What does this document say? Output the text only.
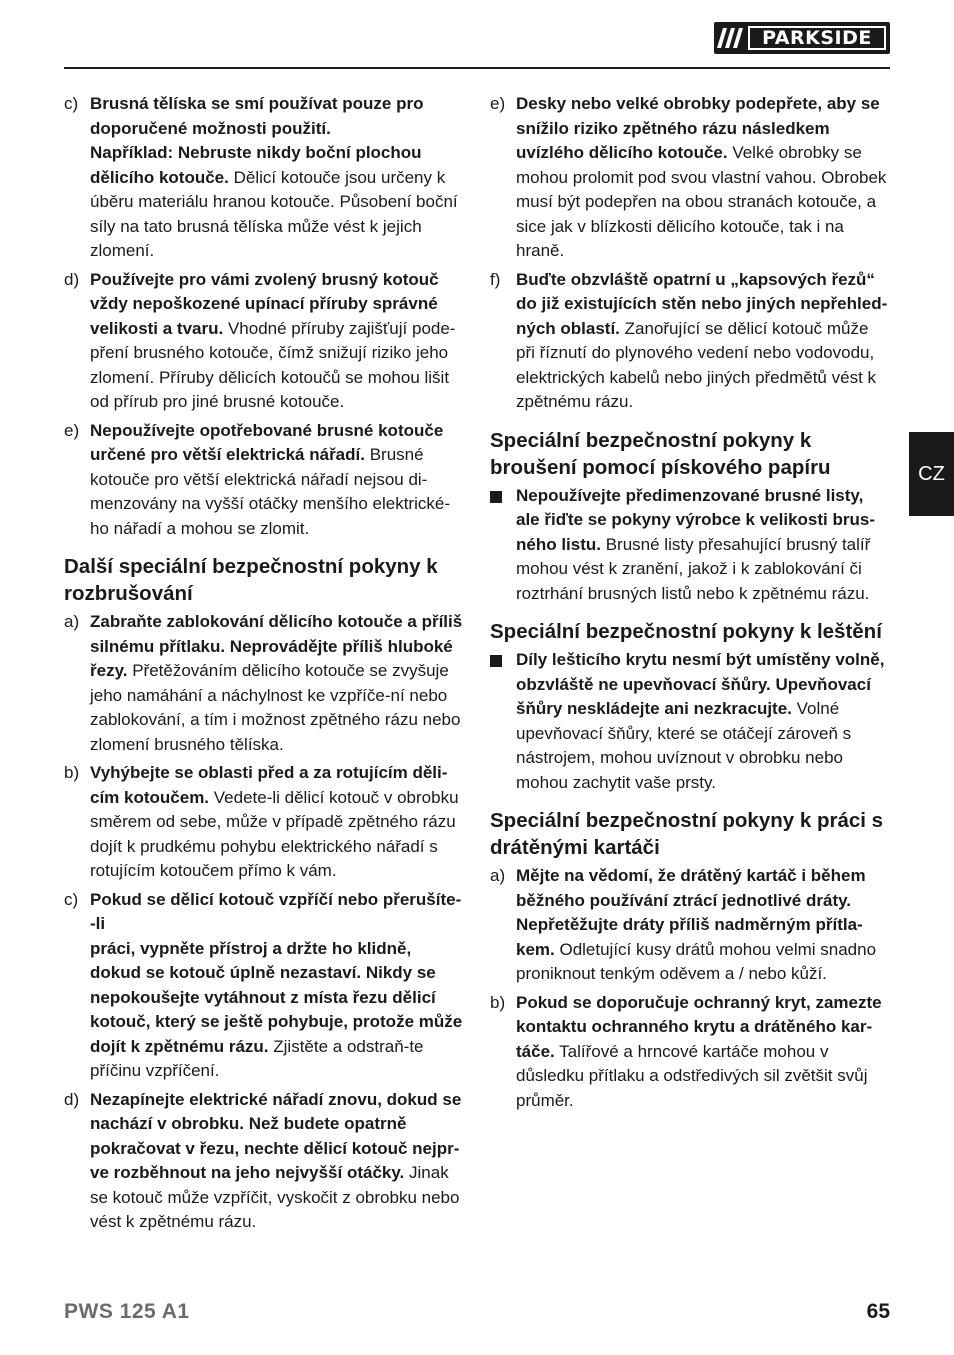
PARKSIDE
CZ
c) Brusná tělíska se smí používat pouze pro doporučené možnosti použití.
Například: Nebruste nikdy boční plochou dělicího kotouče. Dělicí kotouče jsou určeny k úběru materiálu hranou kotouče. Působení boční síly na tato brusná tělíska může vést k jejich zlomení.
d) Používejte pro vámi zvolený brusný kotouč vždy nepoškozené upínací příruby správné velikosti a tvaru. Vhodné příruby zajišťují pode-pření brusného kotouče, čímž snižují riziko jeho zlomení. Příruby dělicích kotoučů se mohou lišit od přírub pro jiné brusné kotouče.
e) Nepoužívejte opotřebované brusné kotouče určené pro větší elektrická nářadí. Brusné kotouče pro větší elektrická nářadí nejsou di-menzovány na vyšší otáčky menšího elektrické-ho nářadí a mohou se zlomit.
Další speciální bezpečnostní pokyny k rozbrušování
a) Zabraňte zablokování dělicího kotouče a příliš silnému přítlaku. Neprovádějte příliš hluboké řezy. Přetěžováním dělicího kotouče se zvyšuje jeho namáhání a náchylnost ke vzpříče-ní nebo zablokování, a tím i možnost zpětného rázu nebo zlomení brusného tělíska.
b) Vyhýbejte se oblasti před a za rotujícím děli-cím kotoučem. Vedete-li dělicí kotouč v obrobku směrem od sebe, může v případě zpětného rázu dojít k prudkému pohybu elektrického nářadí s rotujícím kotoučem přímo k vám.
c) Pokud se dělicí kotouč vzpříčí nebo přerušíte-
-li
práci, vypněte přístroj a držte ho klidně, dokud se kotouč úplně nezastaví. Nikdy se nepokoušejte vytáhnout z místa řezu dělicí kotouč, který se ještě pohybuje, protože může dojít k zpětnému rázu. Zjistěte a odstraň-te příčinu vzpříčení.
d) Nezapínejte elektrické nářadí znovu, dokud se nachází v obrobku. Než budete opatrně pokračovat v řezu, nechte dělicí kotouč nejpr-ve rozběhnout na jeho nejvyšší otáčky. Jinak se kotouč může vzpříčit, vyskočit z obrobku nebo vést k zpětnému rázu.
e) Desky nebo velké obrobky podepřete, aby se snížilo riziko zpětného rázu následkem uvízlého dělicího kotouče. Velké obrobky se mohou prolomit pod svou vlastní vahou. Obrobek musí být podepřen na obou stranách kotouče, a sice jak v blízkosti dělicího kotouče, tak i na hraně.
f) Buďte obzvláště opatrní u „kapsových řezů“ do již existujících stěn nebo jiných nepřehled-ných oblastí. Zanořující se dělicí kotouč může při říznutí do plynového vedení nebo vodovodu, elektrických kabelů nebo jiných předmětů vést k zpětnému rázu.
Speciální bezpečnostní pokyny k broušení pomocí pískového papíru
Nepoužívejte předimenzované brusné listy, ale řiďte se pokyny výrobce k velikosti brus-ného listu. Brusné listy přesahující brusný talíř mohou vést k zranění, jakož i k zablokování či roztrhání brusných listů nebo k zpětnému rázu.
Speciální bezpečnostní pokyny k leštění
Díly lešticího krytu nesmí být umístěny volně, obzvláště ne upevňovací šňůry. Upevňovací šňůry neskládejte ani nezkracujte. Volné upevňovací šňůry, které se otáčejí zároveň s nástrojem, mohou uvíznout v obrobku nebo mohou zachytit vaše prsty.
Speciální bezpečnostní pokyny k práci s drátěnými kartáči
a) Mějte na vědomí, že drátěný kartáč i během běžného používání ztrácí jednotlivé dráty. Nepřetěžujte dráty příliš nadměrným přítla-kem. Odletující kusy drátů mohou velmi snadno proniknout tenkým oděvem a / nebo kůží.
b) Pokud se doporučuje ochranný kryt, zamezte kontaktu ochranného krytu a drátěného kar-táče. Talířové a hrncové kartáče mohou v důsledku přítlaku a odstředivých sil zvětšit svůj průměr.
PWS 125 A1	65
